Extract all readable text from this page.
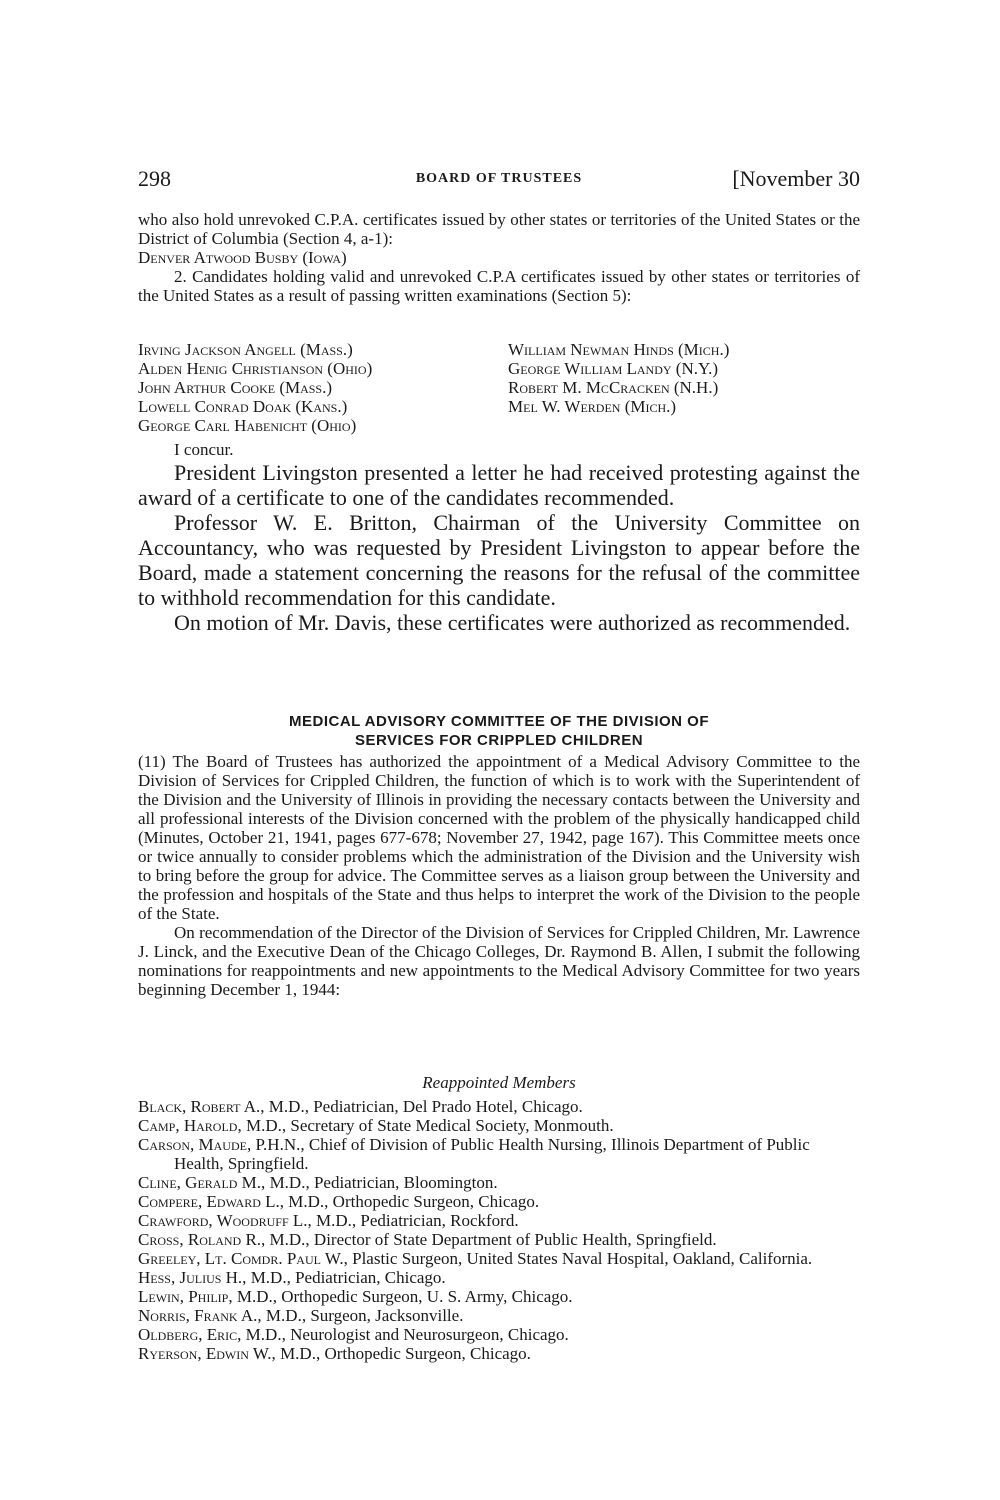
298	BOARD OF TRUSTEES	[November 30

who also hold unrevoked C.P.A. certificates issued by other states or territories of the United States or the District of Columbia (Section 4, a-1):

Denver Atwood Busby (Iowa)

2. Candidates holding valid and unrevoked C.P.A certificates issued by other states or territories of the United States as a result of passing written examinations (Section 5):

Irving Jackson Angell (Mass.)
Alden Henig Christianson (Ohio)
John Arthur Cooke (Mass.)
Lowell Conrad Doak (Kans.)
George Carl Habenicht (Ohio)
William Newman Hinds (Mich.)
George William Landy (N.Y.)
Robert M. McCracken (N.H.)
Mel W. Werden (Mich.)
I concur.

President Livingston presented a letter he had received protesting against the award of a certificate to one of the candidates recommended.

Professor W. E. Britton, Chairman of the University Committee on Accountancy, who was requested by President Livingston to appear before the Board, made a statement concerning the reasons for the refusal of the committee to withhold recommendation for this candidate.

On motion of Mr. Davis, these certificates were authorized as recommended.

MEDICAL ADVISORY COMMITTEE OF THE DIVISION OF
SERVICES FOR CRIPPLED CHILDREN

(11) The Board of Trustees has authorized the appointment of a Medical Advisory Committee to the Division of Services for Crippled Children, the function of which is to work with the Superintendent of the Division and the University of Illinois in providing the necessary contacts between the University and all professional interests of the Division concerned with the problem of the physically handicapped child (Minutes, October 21, 1941, pages 677-678; November 27, 1942, page 167). This Committee meets once or twice annually to consider problems which the administration of the Division and the University wish to bring before the group for advice. The Committee serves as a liaison group between the University and the profession and hospitals of the State and thus helps to interpret the work of the Division to the people of the State.

On recommendation of the Director of the Division of Services for Crippled Children, Mr. Lawrence J. Linck, and the Executive Dean of the Chicago Colleges, Dr. Raymond B. Allen, I submit the following nominations for reappointments and new appointments to the Medical Advisory Committee for two years beginning December 1, 1944:

Reappointed Members

Black, Robert A., M.D., Pediatrician, Del Prado Hotel, Chicago.

Camp, Harold, M.D., Secretary of State Medical Society, Monmouth.

Carson, Maude, P.H.N., Chief of Division of Public Health Nursing, Illinois Department of Public Health, Springfield.

Cline, Gerald M., M.D., Pediatrician, Bloomington.

Compere, Edward L., M.D., Orthopedic Surgeon, Chicago.

Crawford, Woodruff L., M.D., Pediatrician, Rockford.

Cross, Roland R., M.D., Director of State Department of Public Health, Springfield.

Greeley, Lt. Comdr. Paul W., Plastic Surgeon, United States Naval Hospital, Oakland, California.

Hess, Julius H., M.D., Pediatrician, Chicago.

Lewin, Philip, M.D., Orthopedic Surgeon, U. S. Army, Chicago.

Norris, Frank A., M.D., Surgeon, Jacksonville.

Oldberg, Eric, M.D., Neurologist and Neurosurgeon, Chicago.

Ryerson, Edwin W., M.D., Orthopedic Surgeon, Chicago.
